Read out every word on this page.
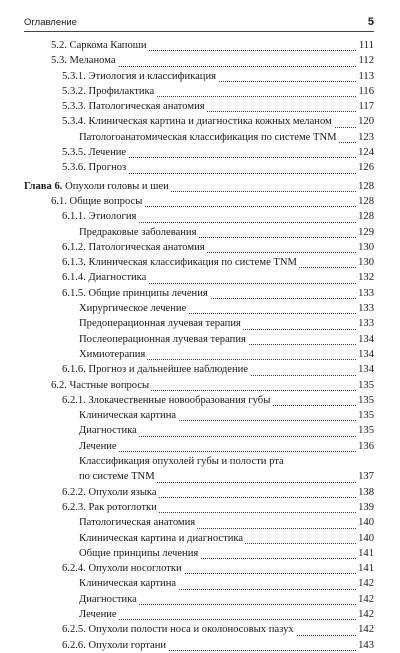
Оглавление	5
5.2. Саркома Капоши	111
5.3. Меланома	112
5.3.1. Этиология и классификация	113
5.3.2. Профилактика	116
5.3.3. Патологическая анатомия	117
5.3.4. Клиническая картина и диагностика кожных меланом 120
Патологоанатомическая классификация по системе TNM 123
5.3.5. Лечение	124
5.3.6. Прогноз	126
Глава 6. Опухоли головы и шеи	128
6.1. Общие вопросы	128
6.1.1. Этиология	128
Предраковые заболевания	129
6.1.2. Патологическая анатомия	130
6.1.3. Клиническая классификация по системе TNM	130
6.1.4. Диагностика	132
6.1.5. Общие принципы лечения	133
Хирургическое лечение	133
Предоперационная лучевая терапия	133
Послеоперационная лучевая терапия	134
Химиотерапия	134
6.1.6. Прогноз и дальнейшее наблюдение	134
6.2. Частные вопросы	135
6.2.1. Злокачественные новообразования губы	135
Клиническая картина	135
Диагностика	135
Лечение	136
Классификация опухолей губы и полости рта
по системе TNM	137
6.2.2. Опухоли языка	138
6.2.3. Рак ротоглотки	139
Патологическая анатомия	140
Клиническая картина и диагностика	140
Общие принципы лечения	141
6.2.4. Опухоли носоглотки	141
Клиническая картина	142
Диагностика	142
Лечение	142
6.2.5. Опухоли полости носа и околоносовых пазух	142
6.2.6. Опухоли гортани	143
